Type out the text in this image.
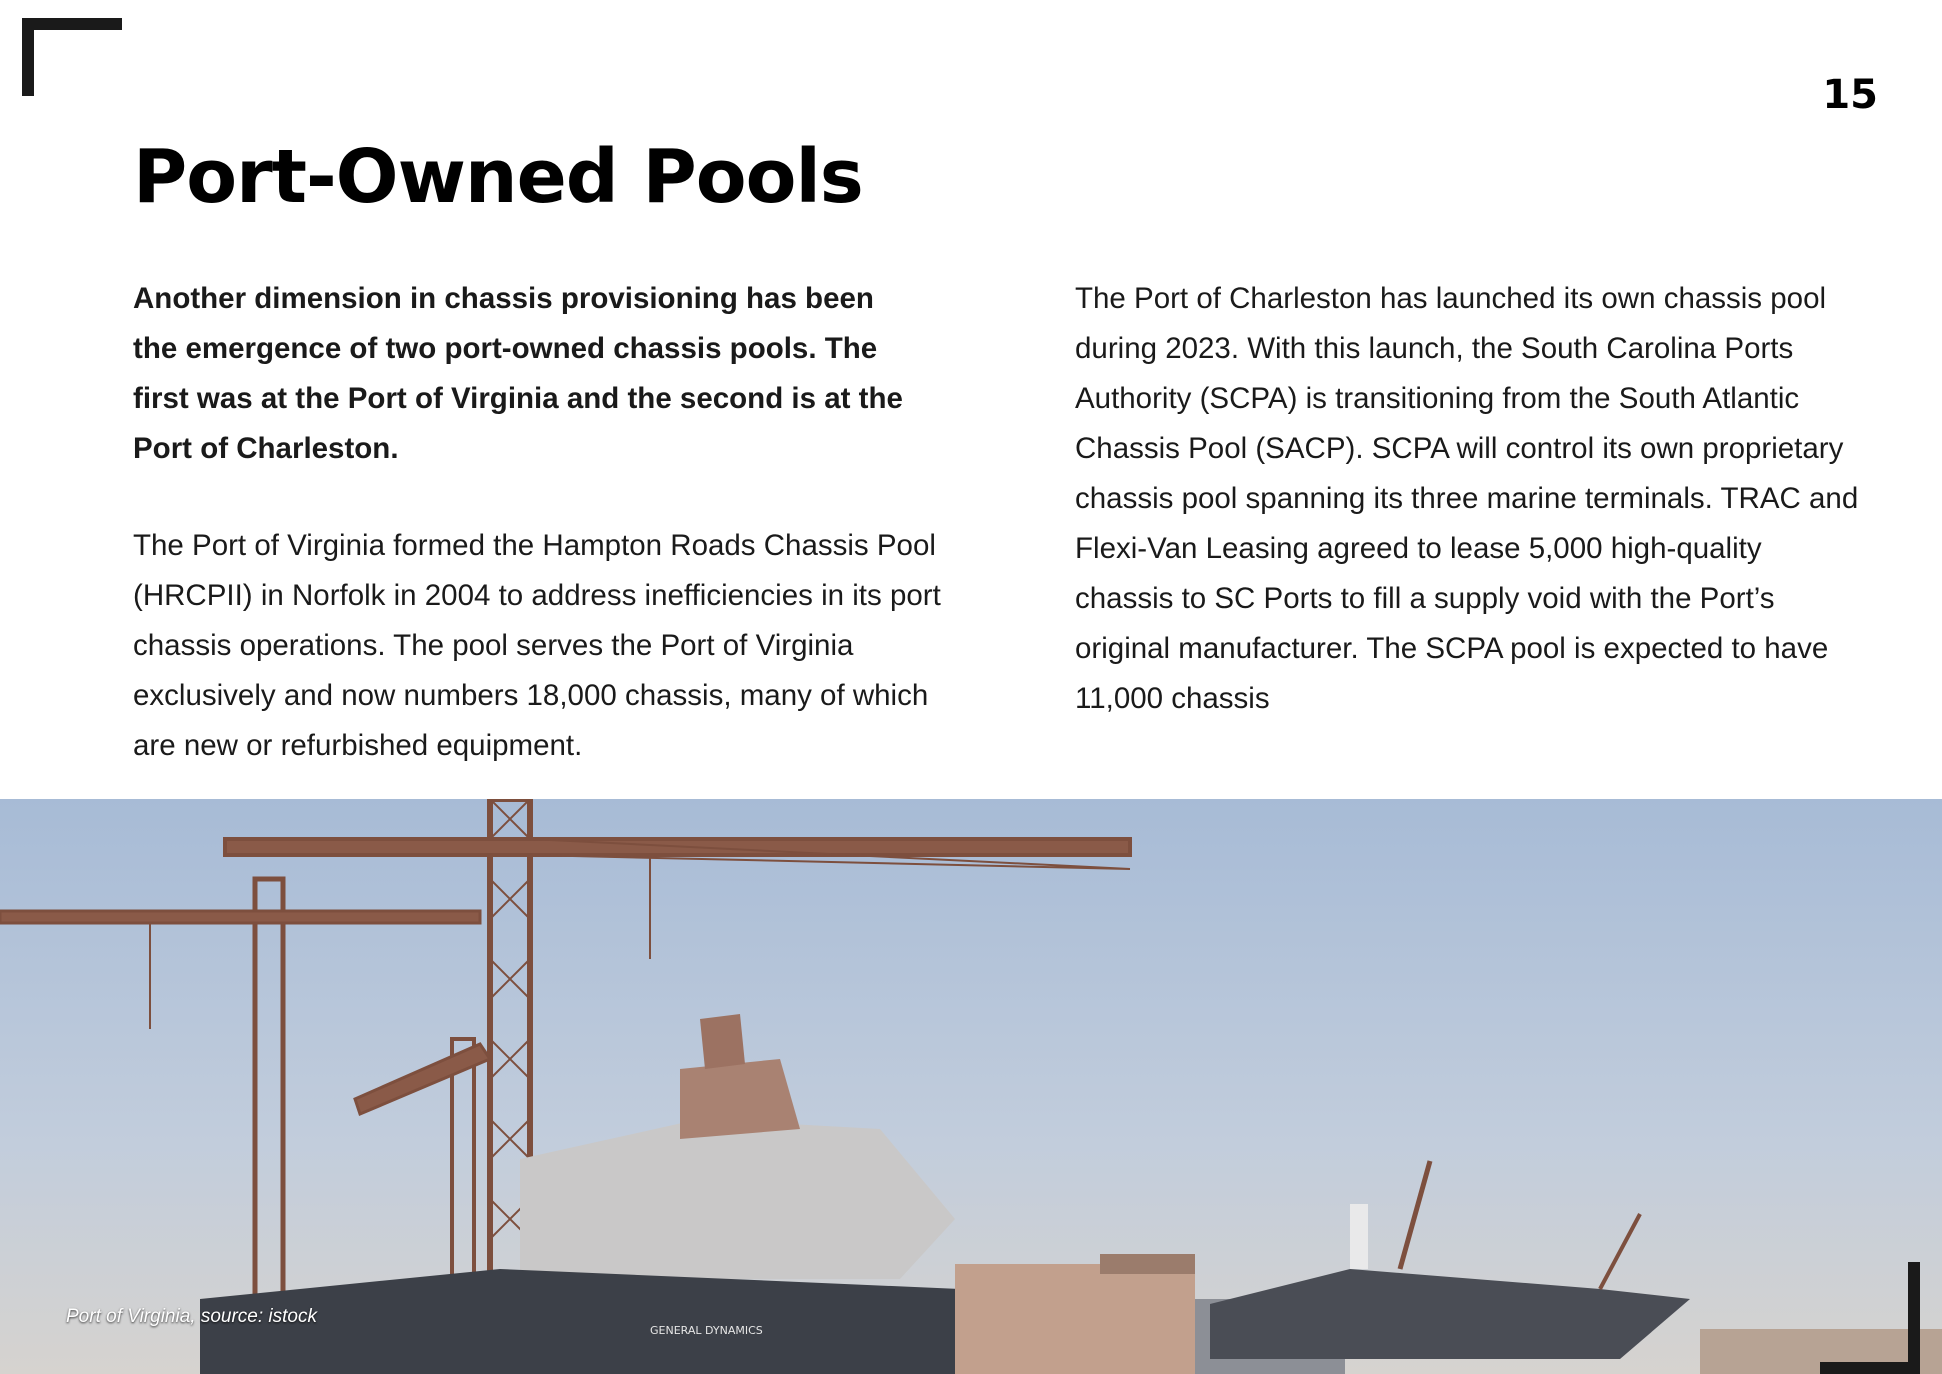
15
Port-Owned Pools

Another dimension in chassis provisioning has been the emergence of two port-owned chassis pools. The first was at the Port of Virginia and the second is at the Port of Charleston.

The Port of Virginia formed the Hampton Roads Chassis Pool (HRCPII) in Norfolk in 2004 to address inefficiencies in its port chassis operations. The pool serves the Port of Virginia exclusively and now numbers 18,000 chassis, many of which are new or refurbished equipment.

The Port of Charleston has launched its own chassis pool during 2023. With this launch, the South Carolina Ports Authority (SCPA) is transitioning from the South Atlantic Chassis Pool (SACP). SCPA will control its own proprietary chassis pool spanning its three marine terminals. TRAC and Flexi-Van Leasing agreed to lease 5,000 high-quality chassis to SC Ports to fill a supply void with the Port’s original manufacturer. The SCPA pool is expected to have 11,000 chassis

GENERAL DYNAMICS
Port of Virginia, source: istock
